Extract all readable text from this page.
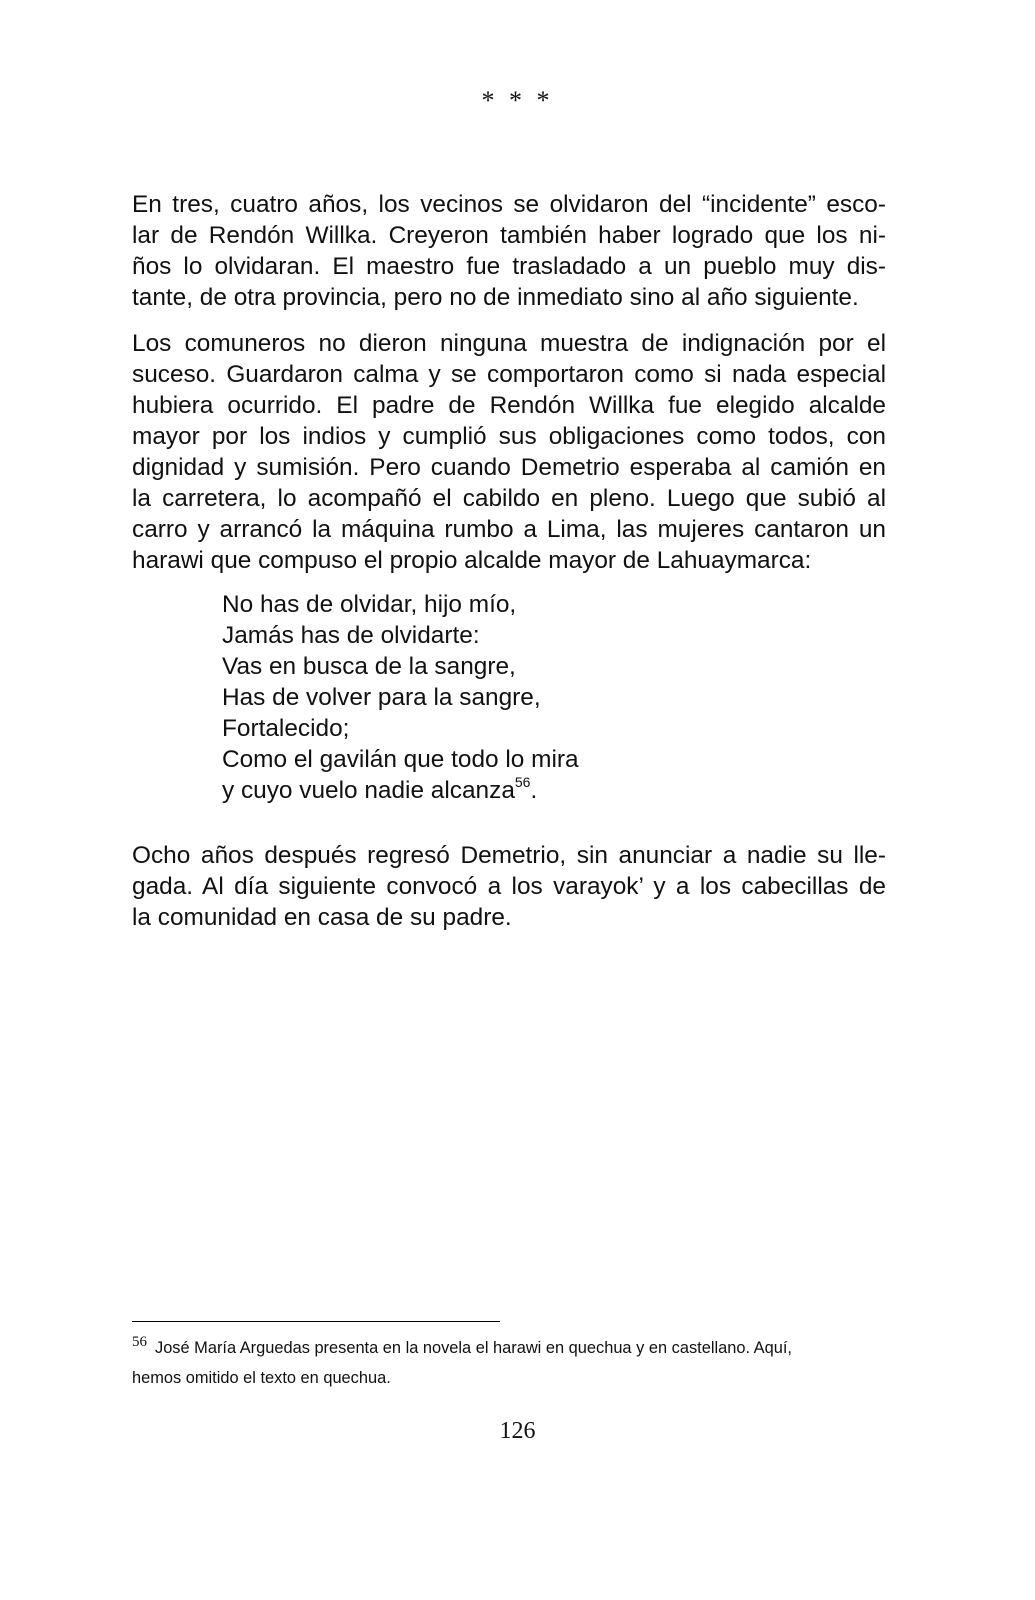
* * *

En tres, cuatro años, los vecinos se olvidaron del “incidente” esco-
lar de Rendón Willka. Creyeron también haber logrado que los ni-
ños lo olvidaran. El maestro fue trasladado a un pueblo muy dis-
tante, de otra provincia, pero no de inmediato sino al año siguiente.

Los comuneros no dieron ninguna muestra de indignación por el
suceso. Guardaron calma y se comportaron como si nada especial
hubiera ocurrido. El padre de Rendón Willka fue elegido alcalde
mayor por los indios y cumplió sus obligaciones como todos, con
dignidad y sumisión. Pero cuando Demetrio esperaba al camión en
la carretera, lo acompañó el cabildo en pleno. Luego que subió al
carro y arrancó la máquina rumbo a Lima, las mujeres cantaron un
harawi que compuso el propio alcalde mayor de Lahuaymarca:

No has de olvidar, hijo mío,
Jamás has de olvidarte:
Vas en busca de la sangre,
Has de volver para la sangre,
Fortalecido;
Como el gavilán que todo lo mira
y cuyo vuelo nadie alcanza$^{56}$.

Ocho años después regresó Demetrio, sin anunciar a nadie su lle-
gada. Al día siguiente convocó a los varayok’ y a los cabecillas de
la comunidad en casa de su padre.

56 José María Arguedas presenta en la novela el harawi en quechua y en castellano. Aquí,
hemos omitido el texto en quechua.

126
